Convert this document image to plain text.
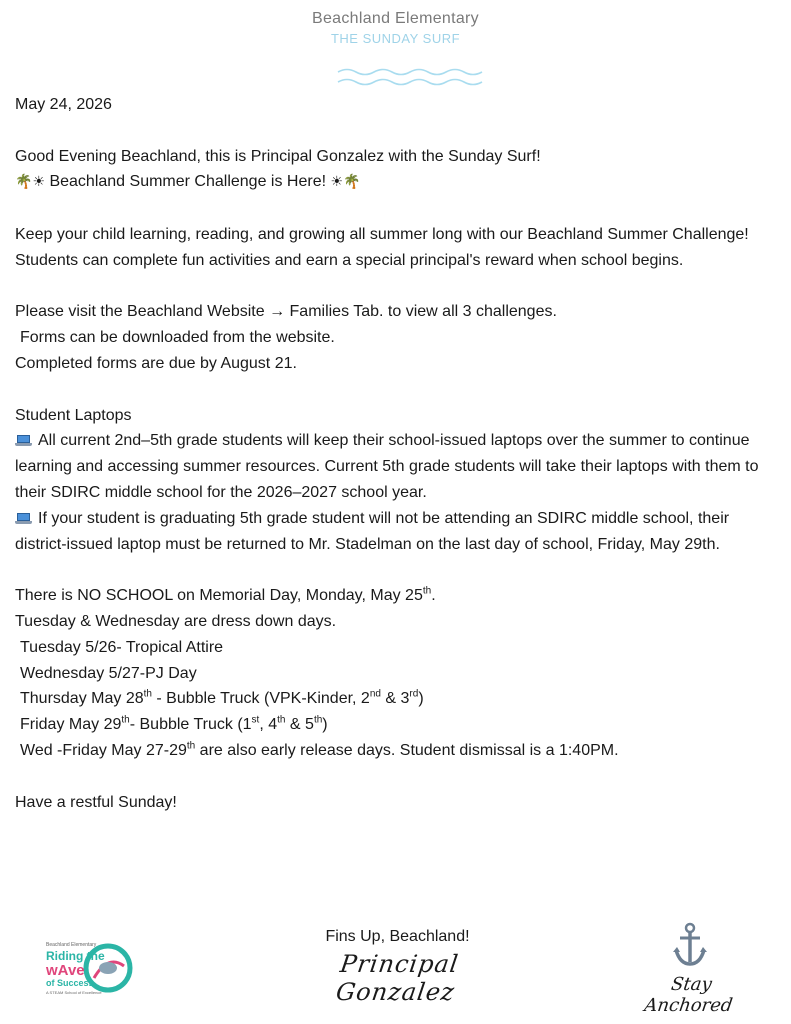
Beachland Elementary
THE SUNDAY SURF

May 24, 2026

Good Evening Beachland, this is Principal Gonzalez with the Sunday Surf!

🌴☀ Beachland Summer Challenge is Here! ☀🌴

Keep your child learning, reading, and growing all summer long with our Beachland Summer Challenge! Students can complete fun activities and earn a special principal's reward when school begins.

Please visit the Beachland Website → Families Tab. to view all 3 challenges.

Forms can be downloaded from the website.

Completed forms are due by August 21.

Student Laptops

All current 2nd–5th grade students will keep their school-issued laptops over the summer to continue learning and accessing summer resources. Current 5th grade students will take their laptops with them to their SDIRC middle school for the 2026–2027 school year.

If your student is graduating 5th grade student will not be attending an SDIRC middle school, their district-issued laptop must be returned to Mr. Stadelman on the last day of school, Friday, May 29th.

There is NO SCHOOL on Memorial Day, Monday, May 25th.

Tuesday & Wednesday are dress down days.

Tuesday 5/26- Tropical Attire

Wednesday 5/27-PJ Day

Thursday May 28th - Bubble Truck (VPK-Kinder, 2nd & 3rd)

Friday May 29th- Bubble Truck (1st, 4th & 5th)

Wed -Friday May 27-29th are also early release days. Student dismissal is a 1:40PM.

Have a restful Sunday!

Beachland Elementary
Riding the
wAve
of Success
A STEAM School of Excellence
Fins Up, Beachland!
Principal Gonzalez	Stay Anchored
